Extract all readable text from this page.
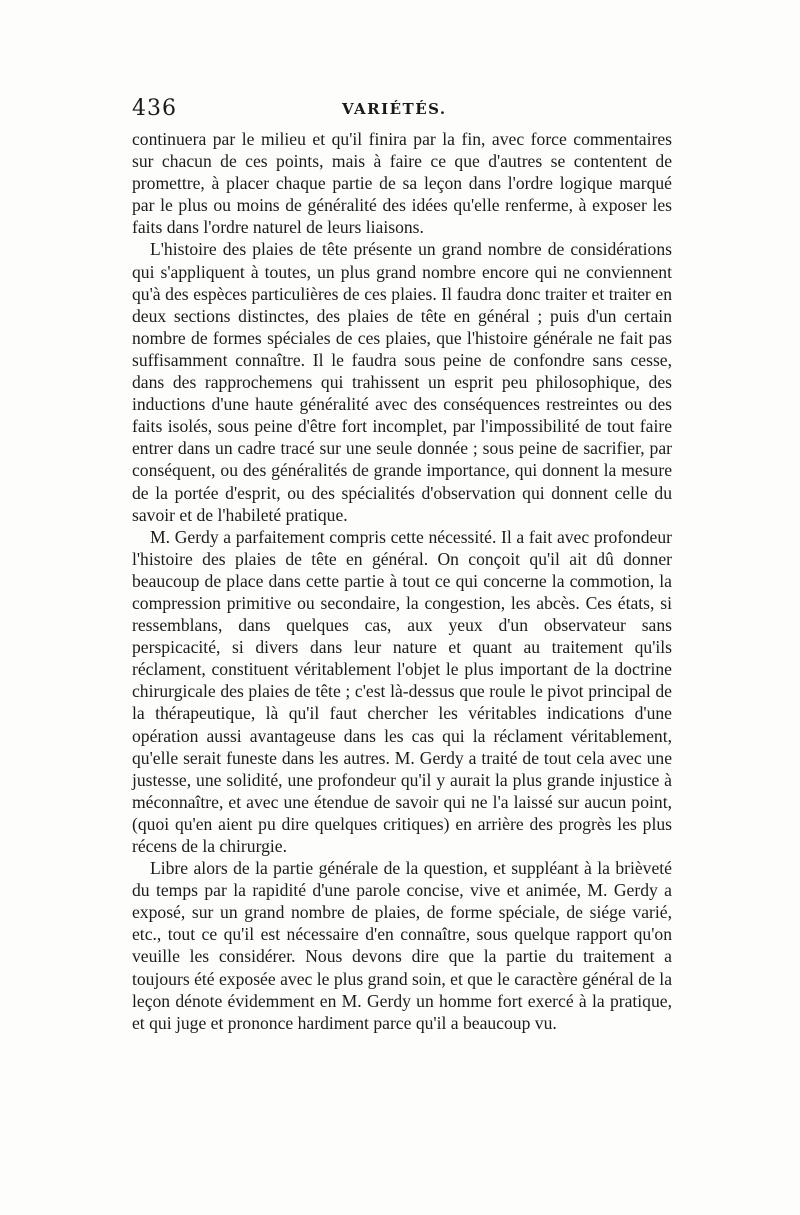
436	VARIÉTÉS.

continuera par le milieu et qu'il finira par la fin, avec force commentaires sur chacun de ces points, mais à faire ce que d'autres se contentent de promettre, à placer chaque partie de sa leçon dans l'ordre logique marqué par le plus ou moins de généralité des idées qu'elle renferme, à exposer les faits dans l'ordre naturel de leurs liaisons.

L'histoire des plaies de tête présente un grand nombre de considérations qui s'appliquent à toutes, un plus grand nombre encore qui ne conviennent qu'à des espèces particulières de ces plaies. Il faudra donc traiter et traiter en deux sections distinctes, des plaies de tête en général ; puis d'un certain nombre de formes spéciales de ces plaies, que l'histoire générale ne fait pas suffisamment connaître. Il le faudra sous peine de confondre sans cesse, dans des rapprochemens qui trahissent un esprit peu philosophique, des inductions d'une haute généralité avec des conséquences restreintes ou des faits isolés, sous peine d'être fort incomplet, par l'impossibilité de tout faire entrer dans un cadre tracé sur une seule donnée ; sous peine de sacrifier, par conséquent, ou des généralités de grande importance, qui donnent la mesure de la portée d'esprit, ou des spécialités d'observation qui donnent celle du savoir et de l'habileté pratique.

M. Gerdy a parfaitement compris cette nécessité. Il a fait avec profondeur l'histoire des plaies de tête en général. On conçoit qu'il ait dû donner beaucoup de place dans cette partie à tout ce qui concerne la commotion, la compression primitive ou secondaire, la congestion, les abcès. Ces états, si ressemblans, dans quelques cas, aux yeux d'un observateur sans perspicacité, si divers dans leur nature et quant au traitement qu'ils réclament, constituent véritablement l'objet le plus important de la doctrine chirurgicale des plaies de tête ; c'est là-dessus que roule le pivot principal de la thérapeutique, là qu'il faut chercher les véritables indications d'une opération aussi avantageuse dans les cas qui la réclament véritablement, qu'elle serait funeste dans les autres. M. Gerdy a traité de tout cela avec une justesse, une solidité, une profondeur qu'il y aurait la plus grande injustice à méconnaître, et avec une étendue de savoir qui ne l'a laissé sur aucun point, (quoi qu'en aient pu dire quelques critiques) en arrière des progrès les plus récens de la chirurgie.

Libre alors de la partie générale de la question, et suppléant à la brièveté du temps par la rapidité d'une parole concise, vive et animée, M. Gerdy a exposé, sur un grand nombre de plaies, de forme spéciale, de siége varié, etc., tout ce qu'il est nécessaire d'en connaître, sous quelque rapport qu'on veuille les considérer. Nous devons dire que la partie du traitement a toujours été exposée avec le plus grand soin, et que le caractère général de la leçon dénote évidemment en M. Gerdy un homme fort exercé à la pratique, et qui juge et prononce hardiment parce qu'il a beaucoup vu.
